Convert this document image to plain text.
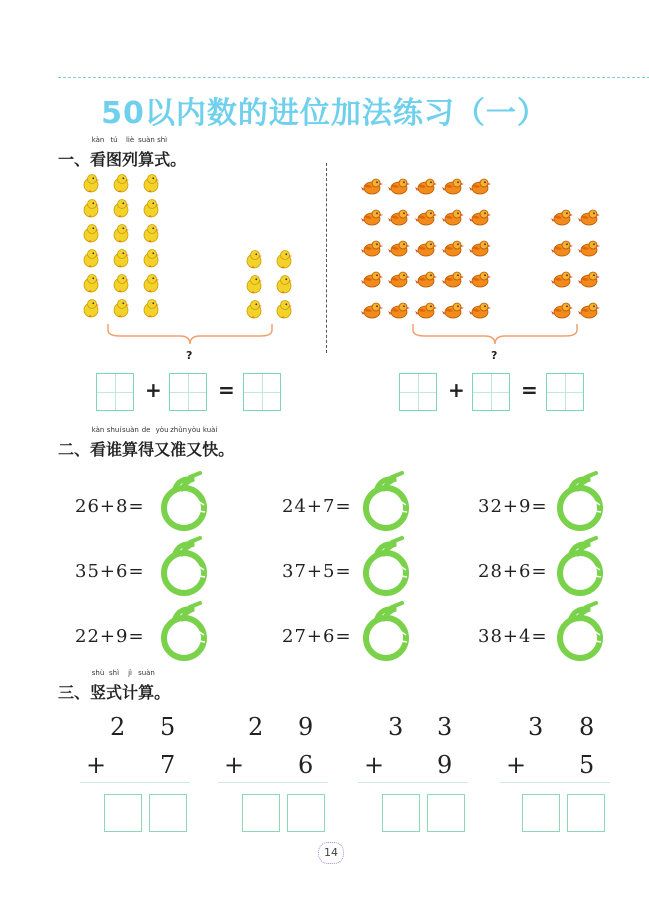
50以内数的进位加法练习（一）
一、
kàn
看
tú
图
liè
列
suàn
算
shì
式。
?	?
+	=	+	=
二、
kàn
看
shuí
谁
suàn
算
de
得
yòu
又
zhǔn
准
yòu
又
kuài
快。
26+8=	24+7=	32+9=
35+6=	37+5=	28+6=
22+9=	27+6=	38+4=
三、
shù
竖
shì
式
jì
计
suàn
算。
2 5
+ 7
2 9
+ 6
3 3
+ 9
3 8
+ 5
14
